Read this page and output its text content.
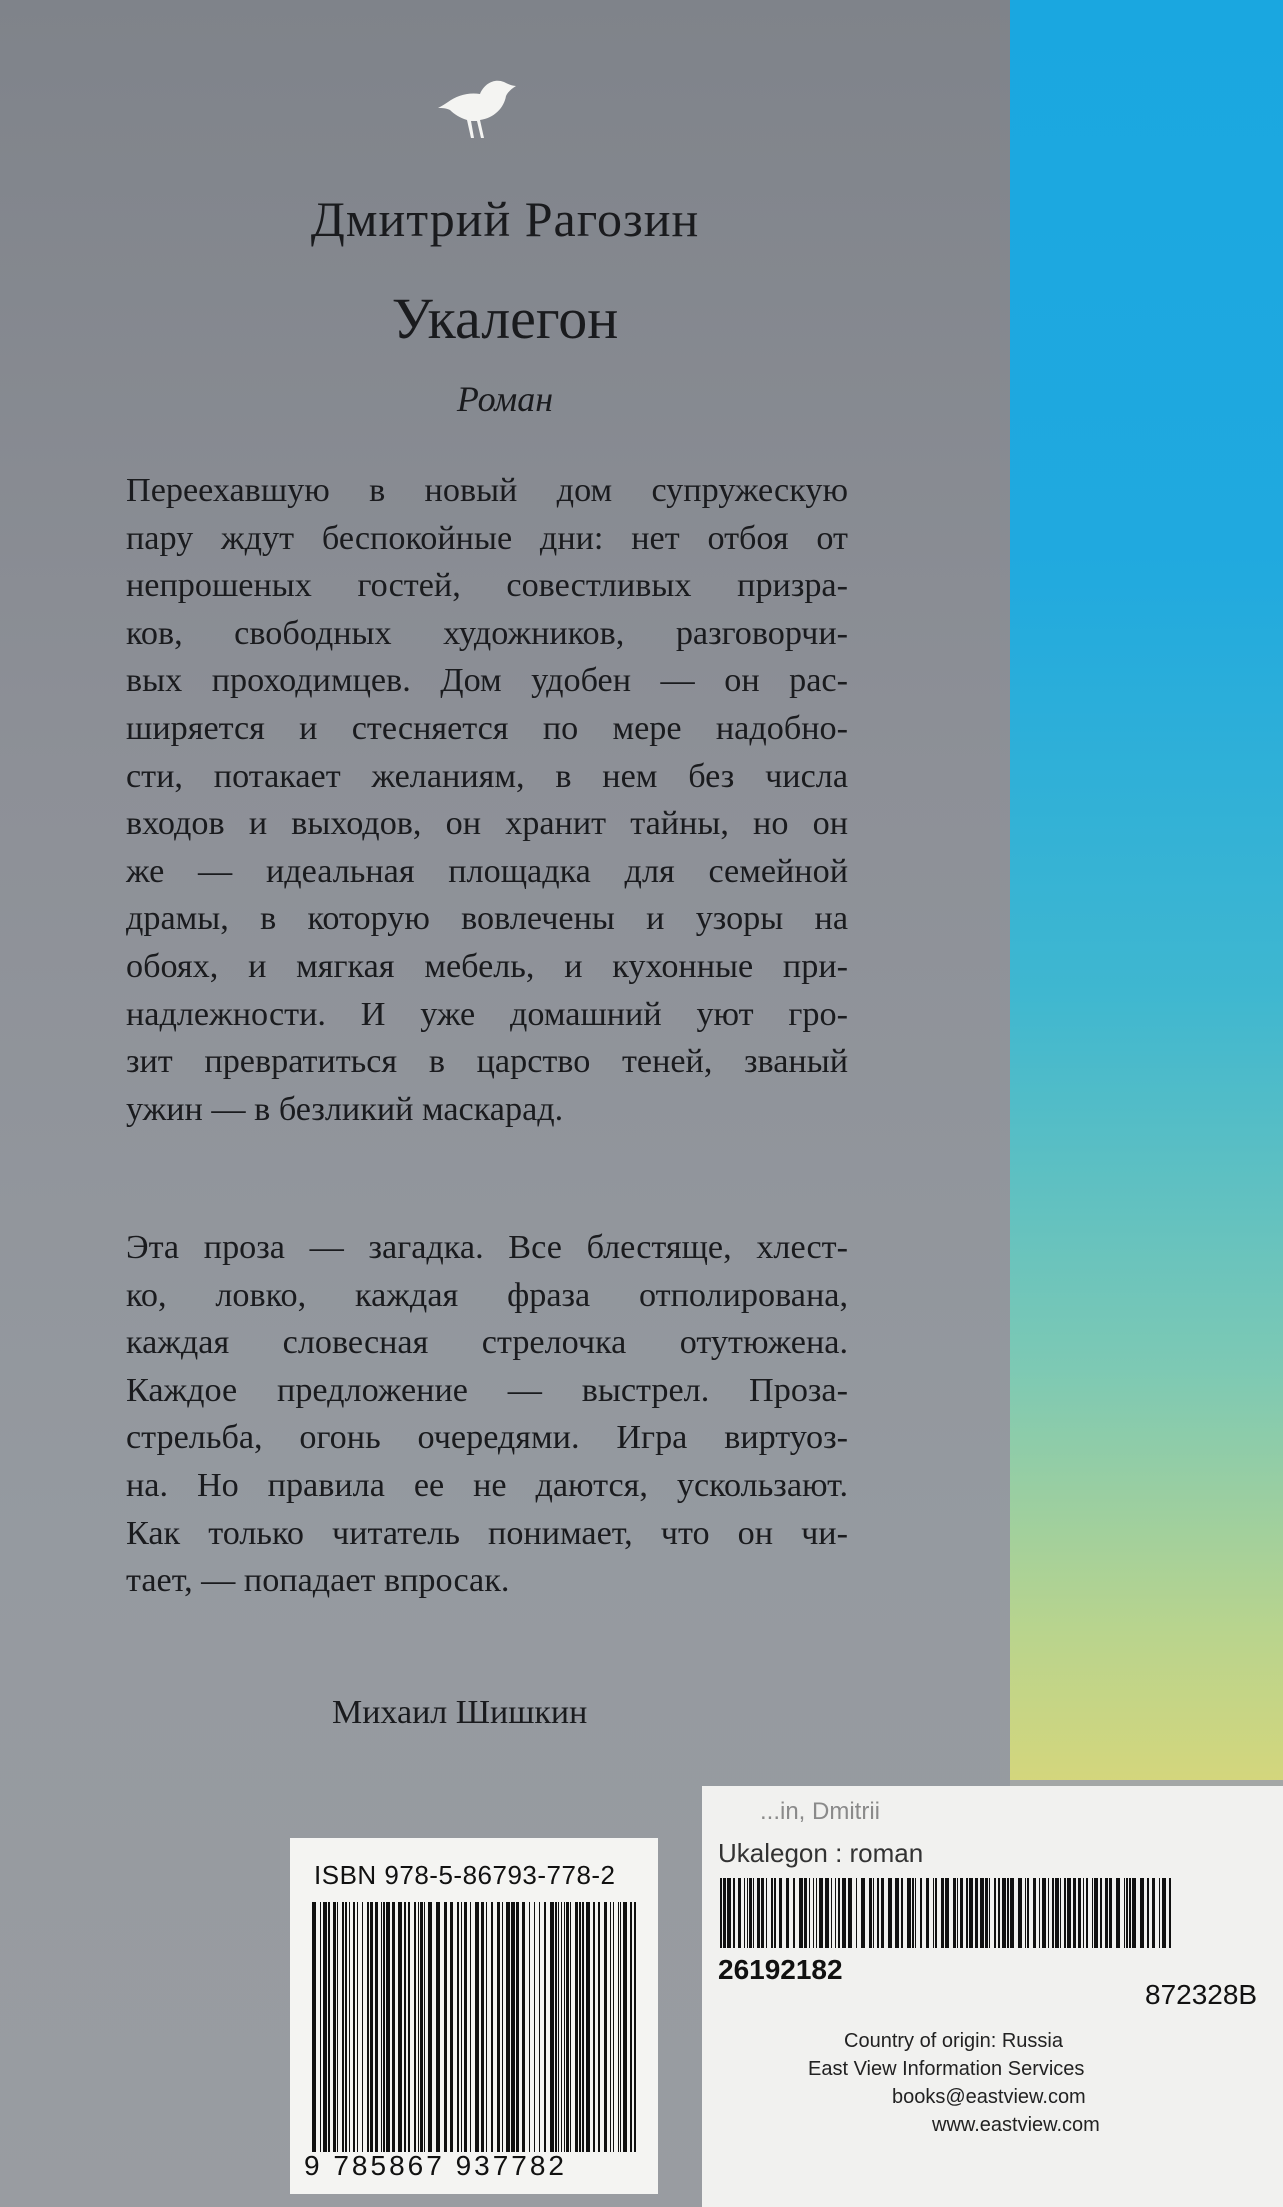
Дмитрий Рагозин
Укалегон
Роман
Переехавшую в новый дом супружескую
пару ждут беспокойные дни: нет отбоя от
непрошеных гостей, совестливых призра-
ков, свободных художников, разговорчи-
вых проходимцев. Дом удобен — он рас-
ширяется и стесняется по мере надобно-
сти, потакает желаниям, в нем без числа
входов и выходов, он хранит тайны, но он
же — идеальная площадка для семейной
драмы, в которую вовлечены и узоры на
обоях, и мягкая мебель, и кухонные при-
надлежности. И уже домашний уют гро-
зит превратиться в царство теней, званый
ужин — в безликий маскарад.
Эта проза — загадка. Все блестяще, хлест-
ко, ловко, каждая фраза отполирована,
каждая словесная стрелочка отутюжена.
Каждое предложение — выстрел. Проза-
стрельба, огонь очередями. Игра виртуоз-
на. Но правила ее не даются, ускользают.
Как только читатель понимает, что он чи-
тает, — попадает впросак.
Михаил Шишкин
ISBN 978-5-86793-778-2
9 785867 937782
...in, Dmitrii
Ukalegon : roman
26192182
872328B
Country of origin: Russia
East View Information Services
books@eastview.com
www.eastview.com
